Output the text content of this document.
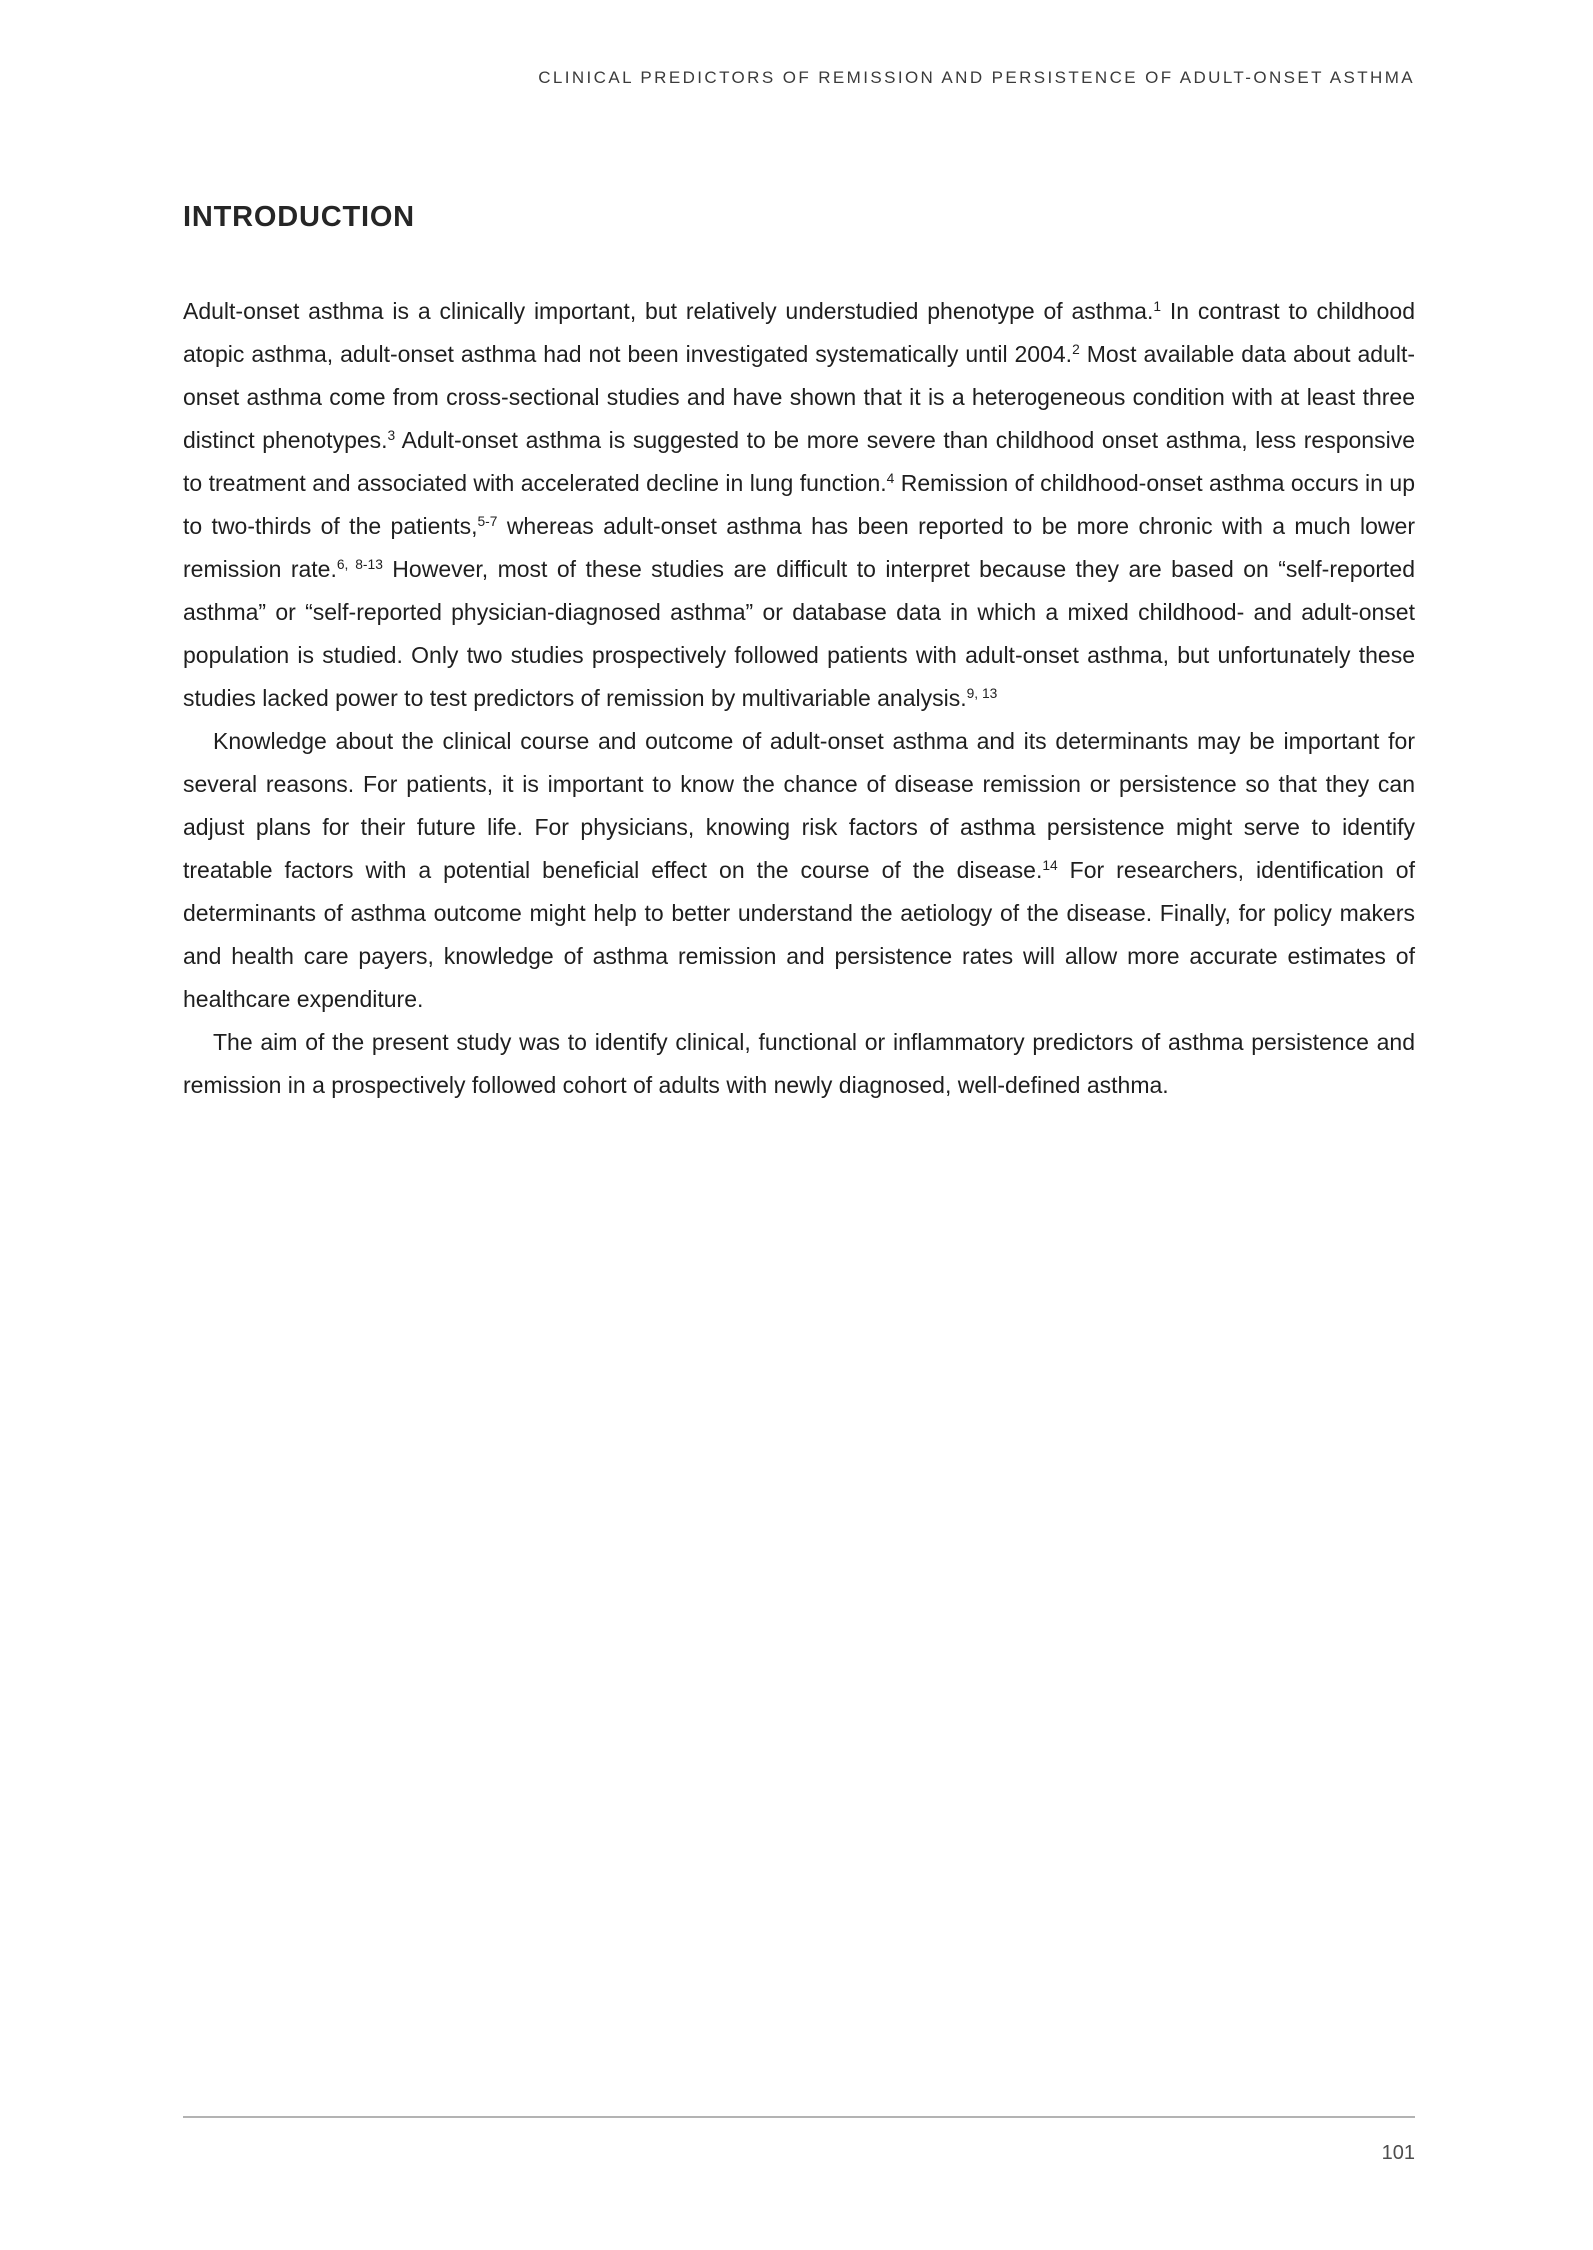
CLINICAL PREDICTORS OF REMISSION AND PERSISTENCE OF ADULT-ONSET ASTHMA
INTRODUCTION

Adult-onset asthma is a clinically important, but relatively understudied phenotype of asthma.$^1$ In contrast to childhood atopic asthma, adult-onset asthma had not been investigated systematically until 2004.$^2$ Most available data about adult-onset asthma come from cross-sectional studies and have shown that it is a heterogeneous condition with at least three distinct phenotypes.$^3$ Adult-onset asthma is suggested to be more severe than childhood onset asthma, less responsive to treatment and associated with accelerated decline in lung function.$^4$ Remission of childhood-onset asthma occurs in up to two-thirds of the patients,$^{5-7}$ whereas adult-onset asthma has been reported to be more chronic with a much lower remission rate.$^{6, 8-13}$ However, most of these studies are difficult to interpret because they are based on “self-reported asthma” or “self-reported physician-diagnosed asthma” or database data in which a mixed childhood- and adult-onset population is studied. Only two studies prospectively followed patients with adult-onset asthma, but unfortunately these studies lacked power to test predictors of remission by multivariable analysis.$^{9, 13}$

Knowledge about the clinical course and outcome of adult-onset asthma and its determinants may be important for several reasons. For patients, it is important to know the chance of disease remission or persistence so that they can adjust plans for their future life. For physicians, knowing risk factors of asthma persistence might serve to identify treatable factors with a potential beneficial effect on the course of the disease.$^{14}$ For researchers, identification of determinants of asthma outcome might help to better understand the aetiology of the disease. Finally, for policy makers and health care payers, knowledge of asthma remission and persistence rates will allow more accurate estimates of healthcare expenditure.

The aim of the present study was to identify clinical, functional or inflammatory predictors of asthma persistence and remission in a prospectively followed cohort of adults with newly diagnosed, well-defined asthma.

101
